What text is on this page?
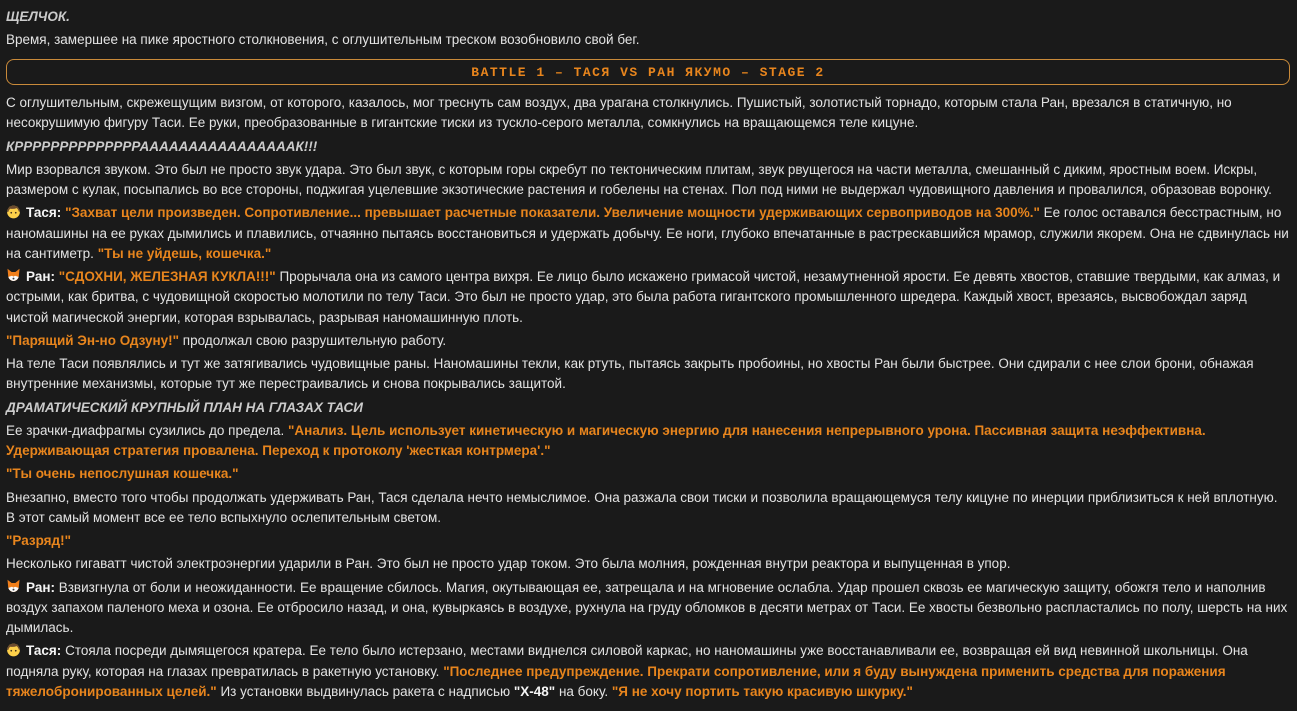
ЩЕЛЧОК.

Время, замершее на пике яростного столкновения, с оглушительным треском возобновило свой бег.

BATTLE 1 – ТАСЯ VS РАН ЯКУМО – STAGE 2

С оглушительным, скрежещущим визгом, от которого, казалось, мог треснуть сам воздух, два урагана столкнулись. Пушистый, золотистый торнадо, которым стала Ран, врезался в статичную, но несокрушимую фигуру Таси. Ее руки, преобразованные в гигантские тиски из тускло-серого металла, сомкнулись на вращающемся теле кицуне.

КРРРРРРРРРРРРРРААААААААААААААААК!!!

Мир взорвался звуком. Это был не просто звук удара. Это был звук, с которым горы скребут по тектоническим плитам, звук рвущегося на части металла, смешанный с диким, яростным воем. Искры, размером с кулак, посыпались во все стороны, поджигая уцелевшие экзотические растения и гобелены на стенах. Пол под ними не выдержал чудовищного давления и провалился, образовав воронку.

Тася: "Захват цели произведен. Сопротивление... превышает расчетные показатели. Увеличение мощности удерживающих сервоприводов на 300%." Ее голос оставался бесстрастным, но наномашины на ее руках дымились и плавились, отчаянно пытаясь восстановиться и удержать добычу. Ее ноги, глубоко впечатанные в растрескавшийся мрамор, служили якорем. Она не сдвинулась ни на сантиметр. "Ты не уйдешь, кошечка."

Ран: "СДОХНИ, ЖЕЛЕЗНАЯ КУКЛА!!!" Прорычала она из самого центра вихря. Ее лицо было искажено гримасой чистой, незамутненной ярости. Ее девять хвостов, ставшие твердыми, как алмаз, и острыми, как бритва, с чудовищной скоростью молотили по телу Таси. Это был не просто удар, это была работа гигантского промышленного шредера. Каждый хвост, врезаясь, высвобождал заряд чистой магической энергии, которая взрывалась, разрывая наномашинную плоть.

"Парящий Эн-но Одзуну!" продолжал свою разрушительную работу.

На теле Таси появлялись и тут же затягивались чудовищные раны. Наномашины текли, как ртуть, пытаясь закрыть пробоины, но хвосты Ран были быстрее. Они сдирали с нее слои брони, обнажая внутренние механизмы, которые тут же перестраивались и снова покрывались защитой.

ДРАМАТИЧЕСКИЙ КРУПНЫЙ ПЛАН НА ГЛАЗАХ ТАСИ

Ее зрачки-диафрагмы сузились до предела. "Анализ. Цель использует кинетическую и магическую энергию для нанесения непрерывного урона. Пассивная защита неэффективна. Удерживающая стратегия провалена. Переход к протоколу 'жесткая контрмера'."

"Ты очень непослушная кошечка."

Внезапно, вместо того чтобы продолжать удерживать Ран, Тася сделала нечто немыслимое. Она разжала свои тиски и позволила вращающемуся телу кицуне по инерции приблизиться к ней вплотную. В этот самый момент все ее тело вспыхнуло ослепительным светом.

"Разряд!"

Несколько гигаватт чистой электроэнергии ударили в Ран. Это был не просто удар током. Это была молния, рожденная внутри реактора и выпущенная в упор.

Ран: Взвизгнула от боли и неожиданности. Ее вращение сбилось. Магия, окутывающая ее, затрещала и на мгновение ослабла. Удар прошел сквозь ее магическую защиту, обожгя тело и наполнив воздух запахом паленого меха и озона. Ее отбросило назад, и она, кувыркаясь в воздухе, рухнула на груду обломков в десяти метрах от Таси. Ее хвосты безвольно распластались по полу, шерсть на них дымилась.

Тася: Стояла посреди дымящегося кратера. Ее тело было истерзано, местами виднелся силовой каркас, но наномашины уже восстанавливали ее, возвращая ей вид невинной школьницы. Она подняла руку, которая на глазах превратилась в ракетную установку. "Последнее предупреждение. Прекрати сопротивление, или я буду вынуждена применить средства для поражения тяжелобронированных целей." Из установки выдвинулась ракета с надписью "Х-48" на боку. "Я не хочу портить такую красивую шкурку."
